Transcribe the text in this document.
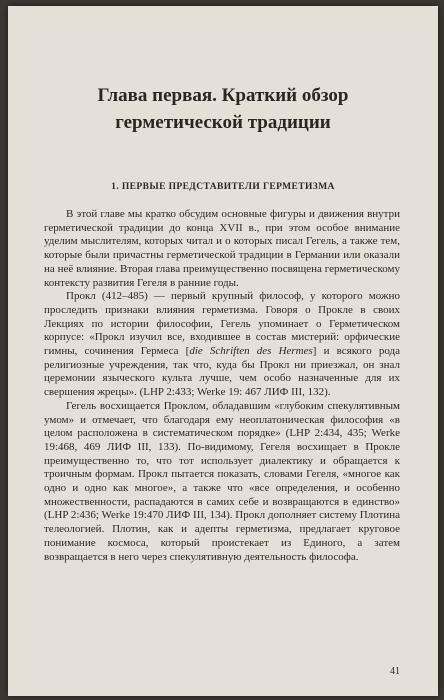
Глава первая. Краткий обзор
герметической традиции
1. ПЕРВЫЕ ПРЕДСТАВИТЕЛИ ГЕРМЕТИЗМА

В этой главе мы кратко обсудим основные фигуры и движения внутри герметической традиции до конца XVII в., при этом особое внимание уделим мыслителям, которых читал и о которых писал Гегель, а также тем, которые были причастны герметической традиции в Германии или оказали на неё влияние. Вторая глава преимущественно посвящена герметическому контексту развития Гегеля в ранние годы.

Прокл (412–485) — первый крупный философ, у которого можно проследить признаки влияния герметизма. Говоря о Прокле в своих Лекциях по истории философии, Гегель упоминает о Герметическом корпусе: «Прокл изучил все, входившее в состав мистерий: орфические гимны, сочинения Гермеса [die Schriften des Hermes] и всякого рода религиозные учреждения, так что, куда бы Прокл ни приезжал, он знал церемонии языческого культа лучше, чем особо назначенные для их свершения жрецы». (LHP 2:433; Werke 19: 467 ЛИФ III, 132).

Гегель восхищается Проклом, обладавшим «глубоким спекулятивным умом» и отмечает, что благодаря ему неоплатоническая философия «в целом расположена в систематическом порядке» (LHP 2:434, 435; Werke 19:468, 469 ЛИФ III, 133). По-видимому, Гегеля восхищает в Прокле преимущественно то, что тот использует диалектику и обращается к троичным формам. Прокл пытается показать, словами Гегеля, «многое как одно и одно как многое», а также что «все определения, и особенно множественности, распадаются в самих себе и возвращаются в единство» (LHP 2:436; Werke 19:470 ЛИФ III, 134). Прокл дополняет систему Плотина телеологией. Плотин, как и адепты герметизма, предлагает круговое понимание космоса, который проистекает из Единого, а затем возвращается в него через спекулятивную деятельность философа.

41
